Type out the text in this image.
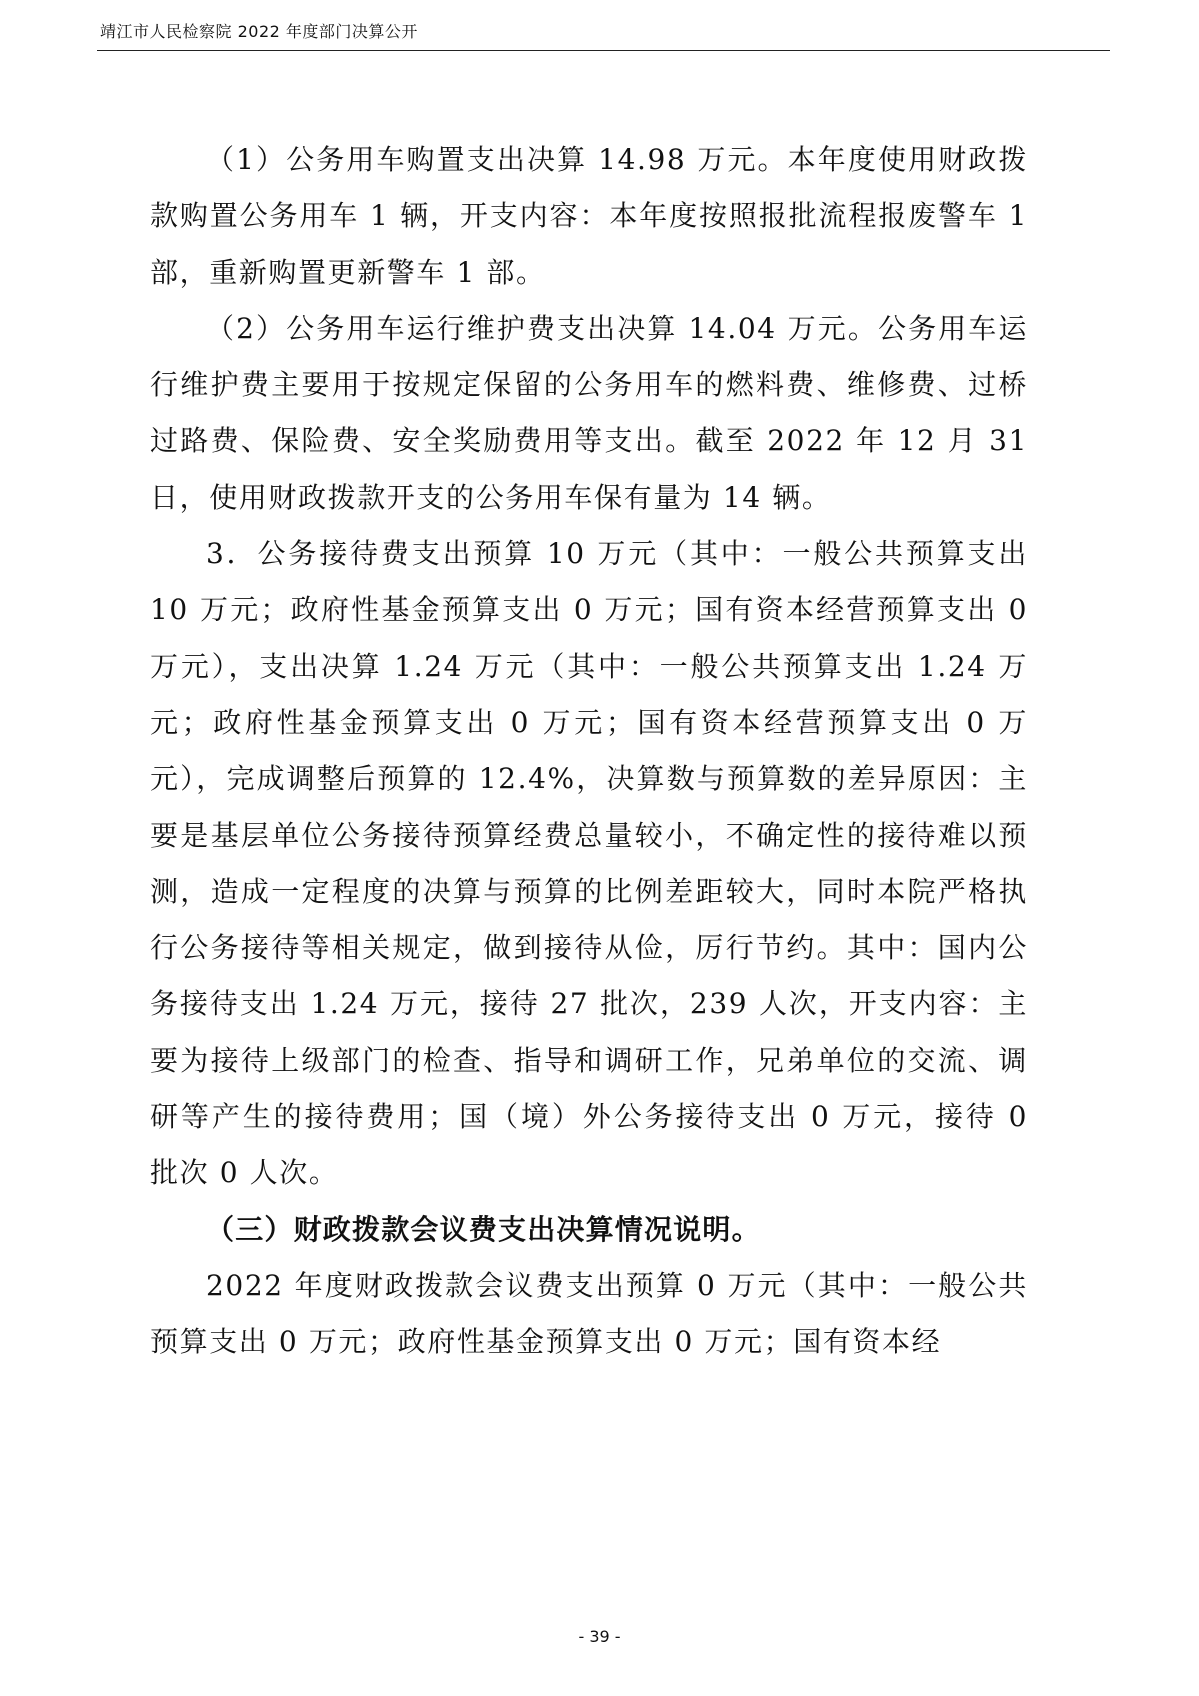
靖江市人民检察院 2022 年度部门决算公开

（1）公务用车购置支出决算 14.98 万元。本年度使用财政拨款购置公务用车 1 辆，开支内容：本年度按照报批流程报废警车 1 部，重新购置更新警车 1 部。

（2）公务用车运行维护费支出决算 14.04 万元。公务用车运行维护费主要用于按规定保留的公务用车的燃料费、维修费、过桥过路费、保险费、安全奖励费用等支出。截至 2022 年 12 月 31 日，使用财政拨款开支的公务用车保有量为 14 辆。

3．公务接待费支出预算 10 万元（其中：一般公共预算支出 10 万元；政府性基金预算支出 0 万元；国有资本经营预算支出 0 万元），支出决算 1.24 万元（其中：一般公共预算支出 1.24 万元；政府性基金预算支出 0 万元；国有资本经营预算支出 0 万元），完成调整后预算的 12.4%，决算数与预算数的差异原因：主要是基层单位公务接待预算经费总量较小，不确定性的接待难以预测，造成一定程度的决算与预算的比例差距较大，同时本院严格执行公务接待等相关规定，做到接待从俭，厉行节约。其中：国内公务接待支出 1.24 万元，接待 27 批次，239 人次，开支内容：主要为接待上级部门的检查、指导和调研工作，兄弟单位的交流、调研等产生的接待费用；国（境）外公务接待支出 0 万元，接待 0 批次 0 人次。

（三）财政拨款会议费支出决算情况说明。

2022 年度财政拨款会议费支出预算 0 万元（其中：一般公共预算支出 0 万元；政府性基金预算支出 0 万元；国有资本经

- 39 -
